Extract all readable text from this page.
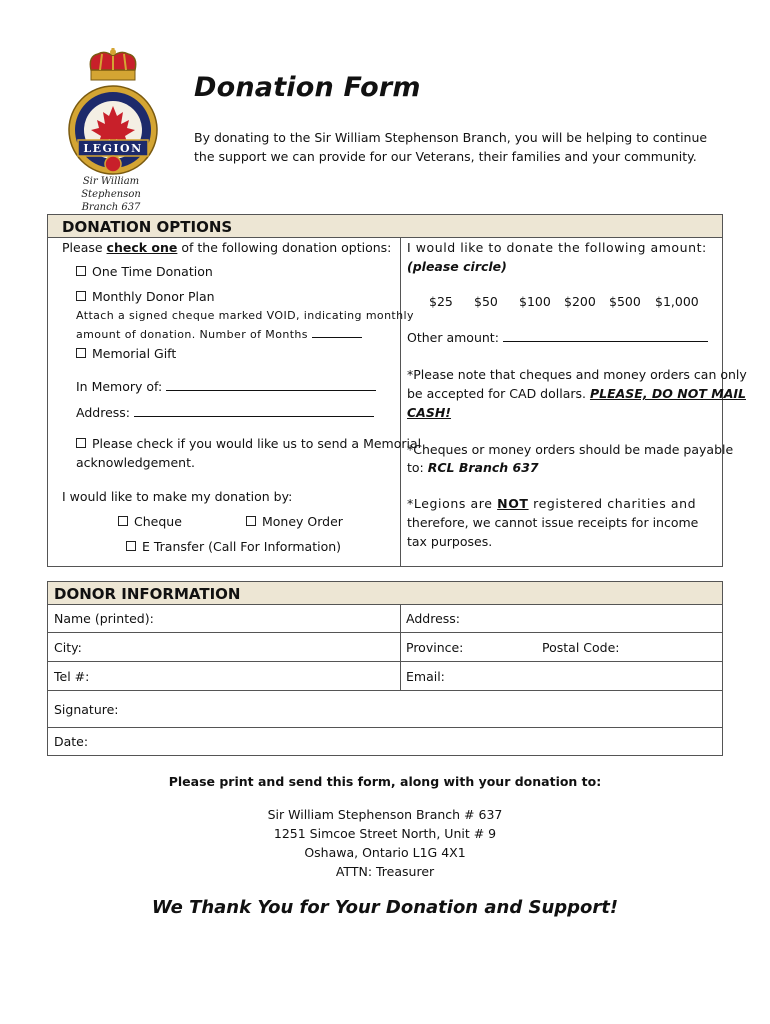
LEGION
Sir William Stephenson
Branch 637
Donation Form
By donating to the Sir William Stephenson Branch, you will be helping to continue the support we can provide for our Veterans, their families and your community.
DONATION OPTIONS
Please check one of the following donation options:
One Time Donation
Monthly Donor Plan
Attach a signed cheque marked VOID, indicating monthly
amount of donation. Number of Months
Memorial Gift
In Memory of:
Address:
Please check if you would like us to send a Memorial
acknowledgement.
I would like to make my donation by:
Cheque	Money Order
E Transfer (Call For Information)
I would like to donate the following amount:
(please circle)
$25 $50 $100 $200 $500 $1,000
Other amount:
*Please note that cheques and money orders can only
be accepted for CAD dollars. PLEASE, DO NOT MAIL
CASH!
*Cheques or money orders should be made payable
to: RCL Branch 637
*Legions are NOT registered charities and
therefore, we cannot issue receipts for income
tax purposes.
DONOR INFORMATION
Name (printed):	Address:
City:	Province:	Postal Code:
Tel #:	Email:
Signature:
Date:
Please print and send this form, along with your donation to:
Sir William Stephenson Branch # 637
1251 Simcoe Street North, Unit # 9
Oshawa, Ontario L1G 4X1
ATTN: Treasurer
We Thank You for Your Donation and Support!
